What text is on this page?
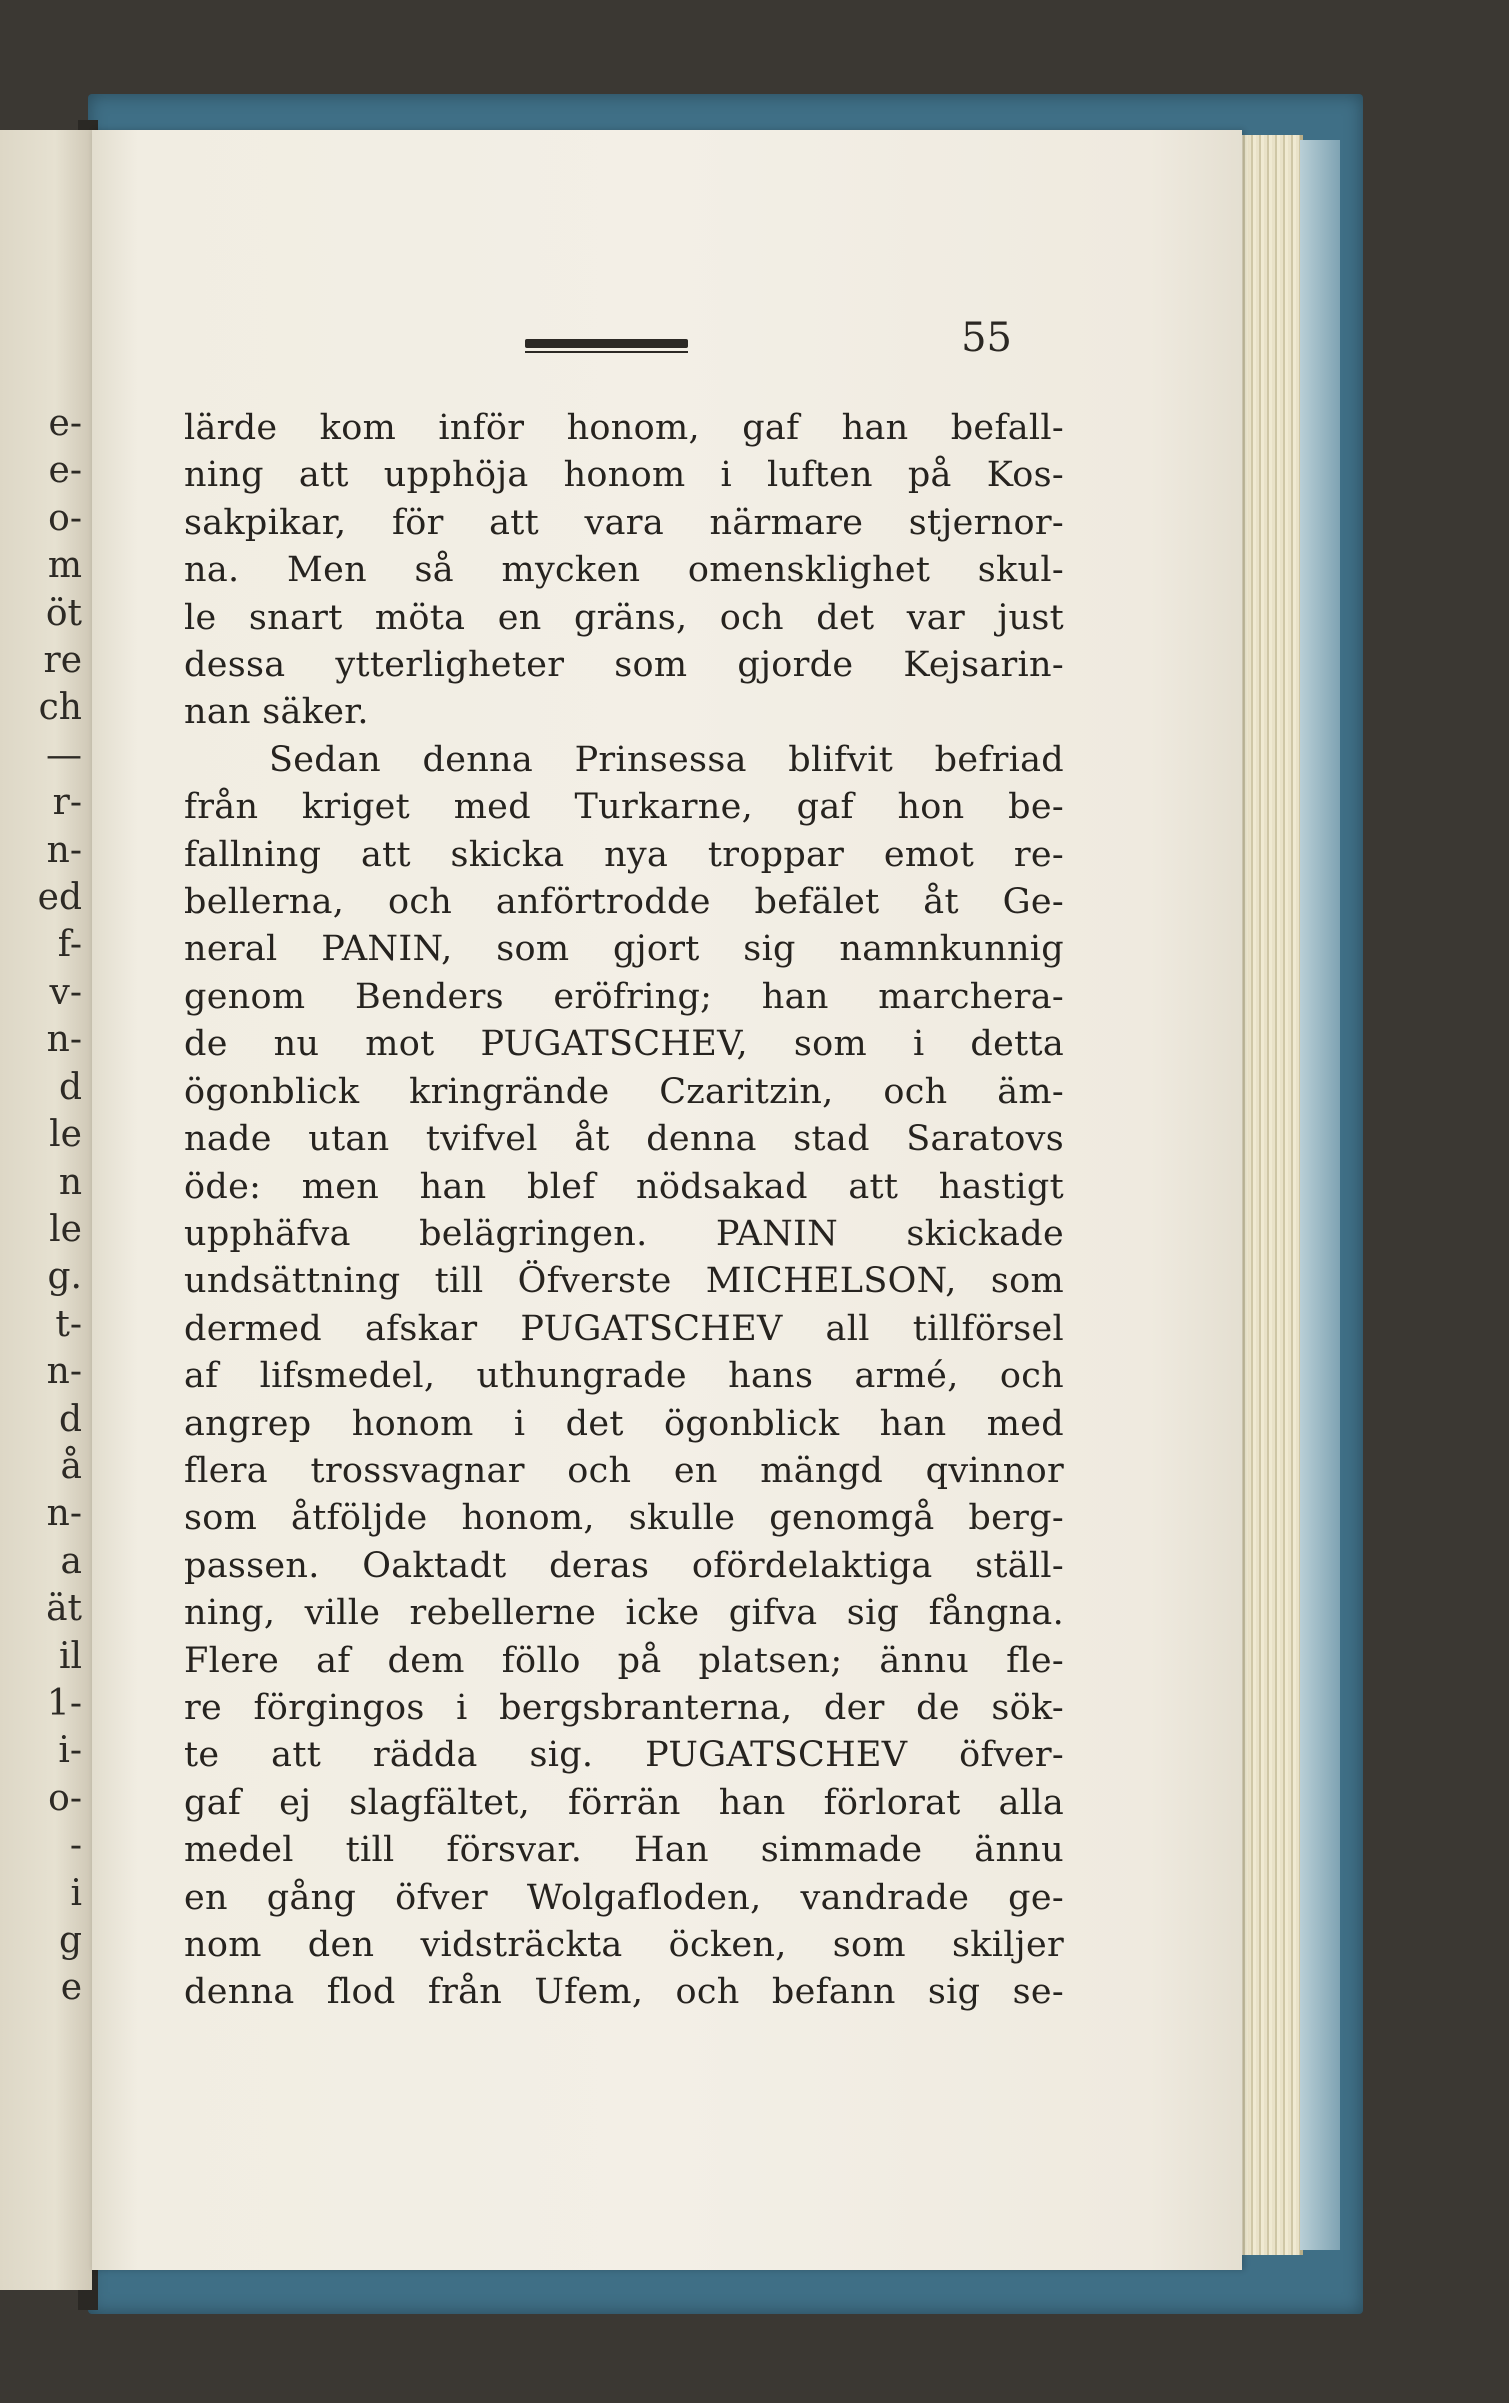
e-
e-
o-
m
öt
re
ch
—
r-
n-
ed
f-
v-
n-
d
le
n
le
g.
t-
n-
d
å
n-
a
ät
il
1-
i-
o-
-
i
g
e
55
lärde kom inför honom, gaf han befall-
ning att upphöja honom i luften på Kos-
sakpikar, för att vara närmare stjernor-
na. Men så mycken omensklighet skul-
le snart möta en gräns, och det var just
dessa ytterligheter som gjorde Kejsarin-
nan säker.
Sedan denna Prinsessa blifvit befriad
från kriget med Turkarne, gaf hon be-
fallning att skicka nya troppar emot re-
bellerna, och anförtrodde befälet åt Ge-
neral PANIN, som gjort sig namnkunnig
genom Benders eröfring; han marchera-
de nu mot PUGATSCHEV, som i detta
ögonblick kringrände Czaritzin, och äm-
nade utan tvifvel åt denna stad Saratovs
öde: men han blef nödsakad att hastigt
upphäfva belägringen. PANIN skickade
undsättning till Öfverste MICHELSON, som
dermed afskar PUGATSCHEV all tillförsel
af lifsmedel, uthungrade hans armé, och
angrep honom i det ögonblick han med
flera trossvagnar och en mängd qvinnor
som åtföljde honom, skulle genomgå berg-
passen. Oaktadt deras ofördelaktiga ställ-
ning, ville rebellerne icke gifva sig fångna.
Flere af dem föllo på platsen; ännu fle-
re förgingos i bergsbranterna, der de sök-
te att rädda sig. PUGATSCHEV öfver-
gaf ej slagfältet, förrän han förlorat alla
medel till försvar. Han simmade ännu
en gång öfver Wolgafloden, vandrade ge-
nom den vidsträckta öcken, som skiljer
denna flod från Ufem, och befann sig se-
